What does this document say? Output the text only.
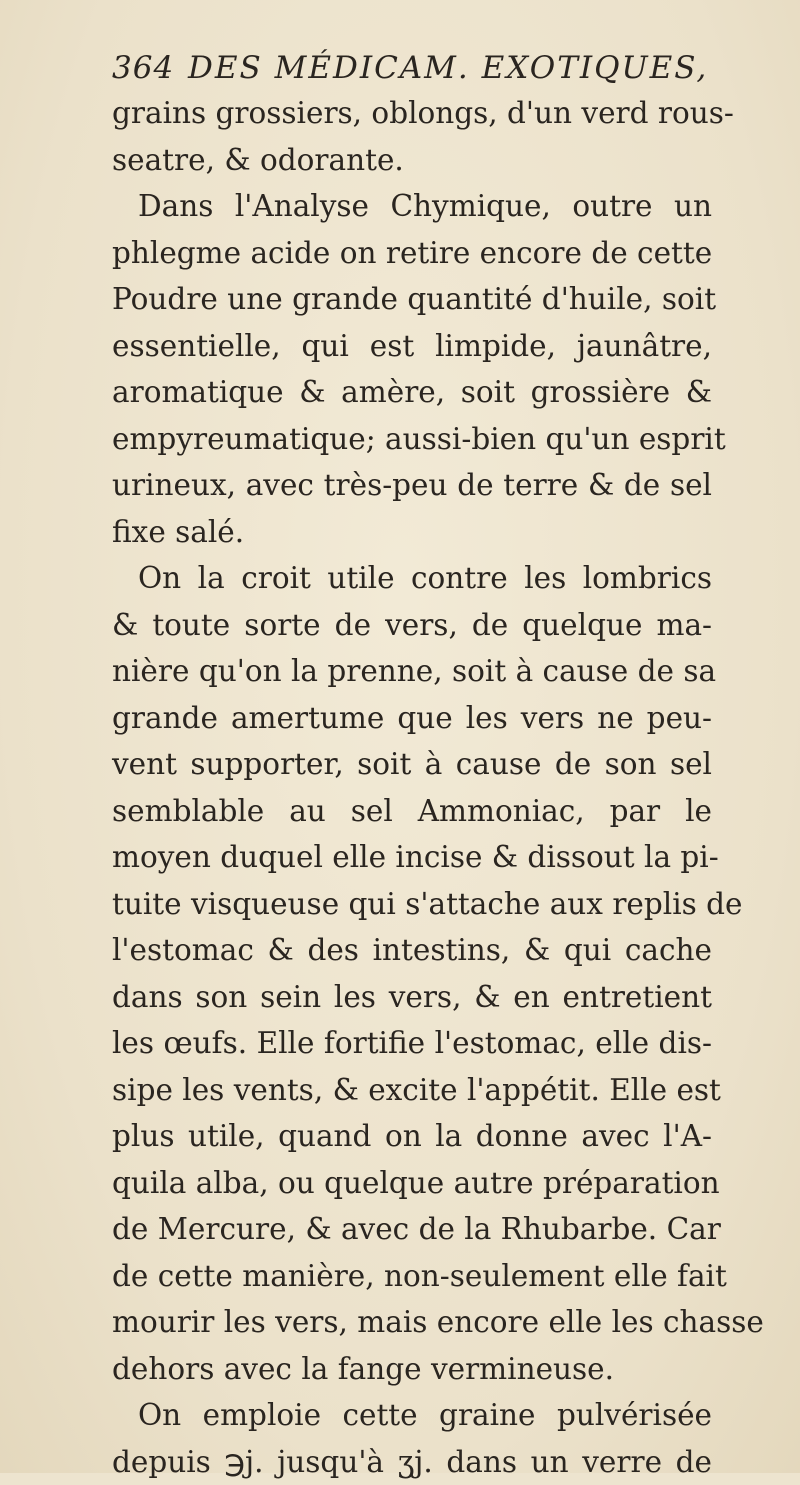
364 DES MÉDICAM. EXOTIQUES,
grains grossiers, oblongs, d'un verd rous-
seatre, & odorante.
Dans l'Analyse Chymique, outre un
phlegme acide on retire encore de cette
Poudre une grande quantité d'huile, soit
essentielle, qui est limpide, jaunâtre,
aromatique & amère, soit grossière &
empyreumatique; aussi-bien qu'un esprit
urineux, avec très-peu de terre & de sel
fixe salé.
On la croit utile contre les lombrics
& toute sorte de vers, de quelque ma-
nière qu'on la prenne, soit à cause de sa
grande amertume que les vers ne peu-
vent supporter, soit à cause de son sel
semblable au sel Ammoniac, par le
moyen duquel elle incise & dissout la pi-
tuite visqueuse qui s'attache aux replis de
l'estomac & des intestins, & qui cache
dans son sein les vers, & en entretient
les œufs. Elle fortifie l'estomac, elle dis-
sipe les vents, & excite l'appétit. Elle est
plus utile, quand on la donne avec l'A-
quila alba, ou quelque autre préparation
de Mercure, & avec de la Rhubarbe. Car
de cette manière, non-seulement elle fait
mourir les vers, mais encore elle les chasse
dehors avec la fange vermineuse.
On emploie cette graine pulvérisée
depuis ℈j. jusqu'à ʒj. dans un verre de
